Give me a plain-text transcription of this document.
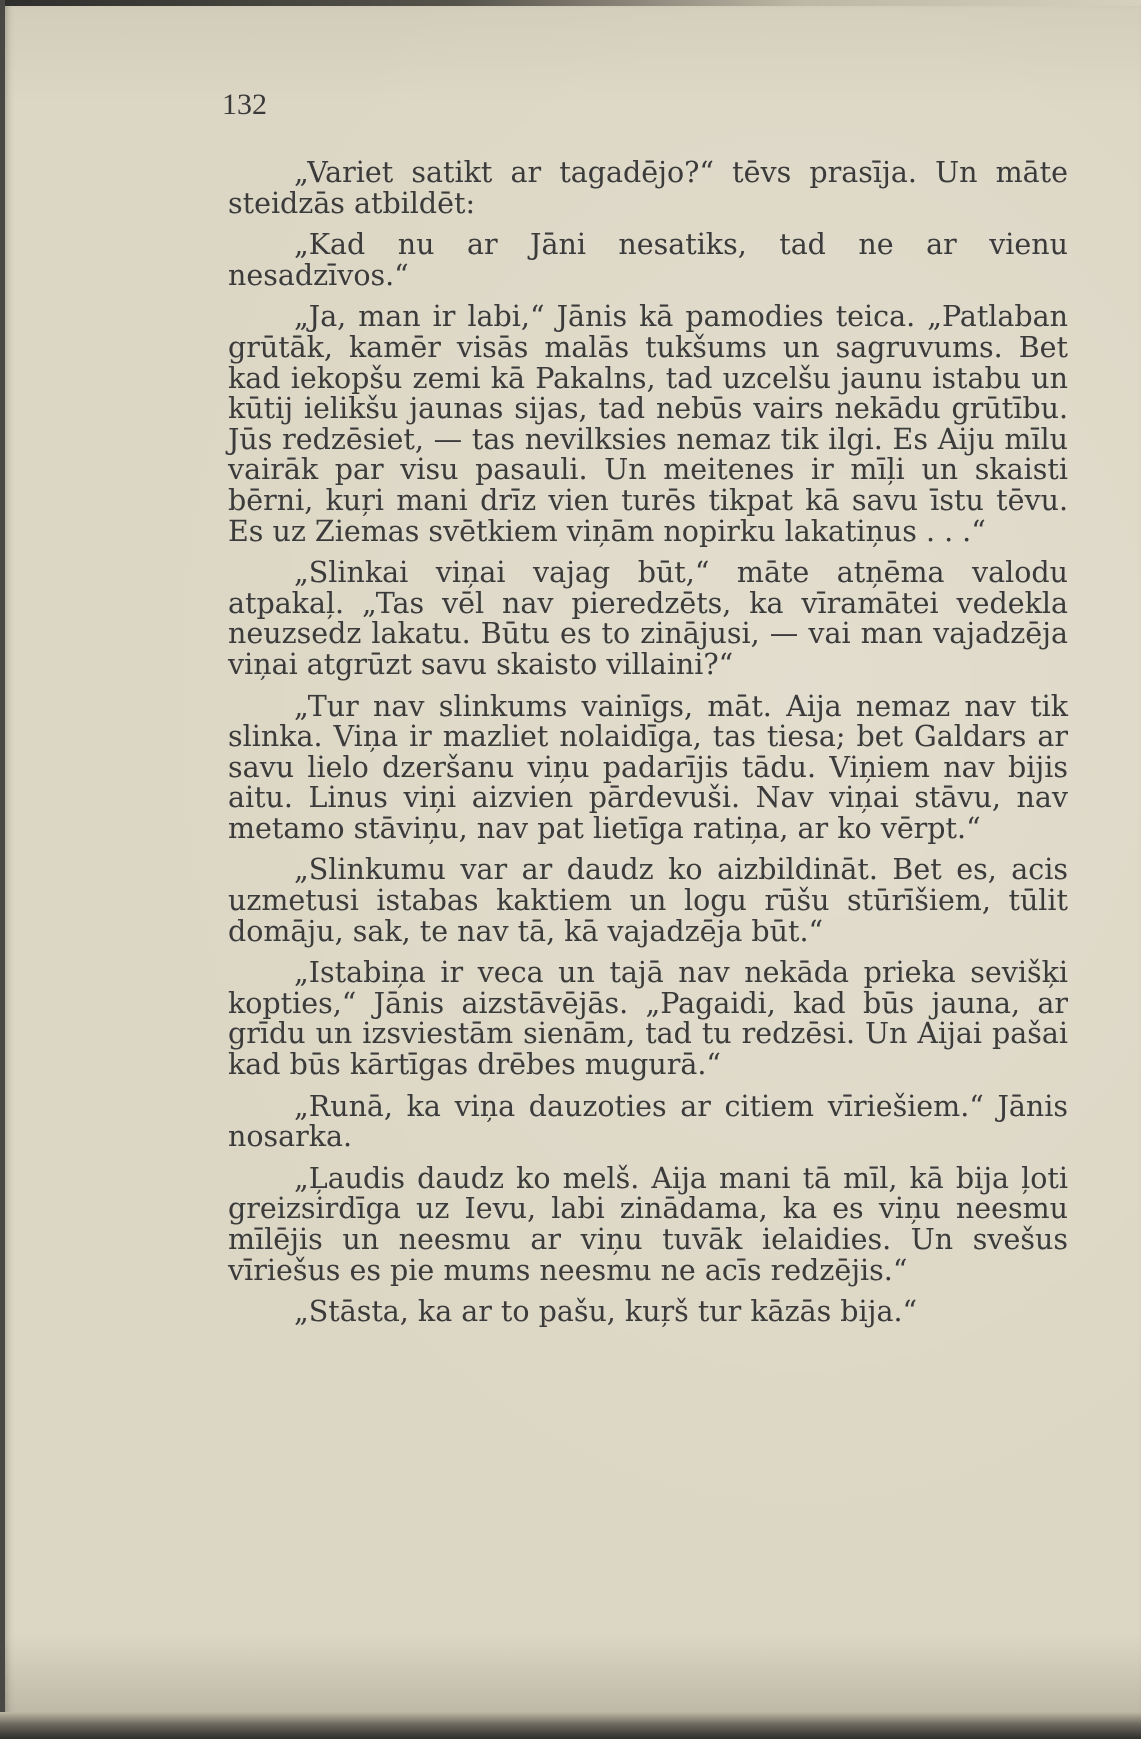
132

„Variet satikt ar tagadējo?“ tēvs prasīja. Un māte steidzās atbildēt:

„Kad nu ar Jāni nesatiks, tad ne ar vienu nesadzīvos.“

„Ja, man ir labi,“ Jānis kā pamodies teica. „Patlaban grūtāk, kamēr visās malās tukšums un sagruvums. Bet kad iekopšu zemi kā Pakalns, tad uzcelšu jaunu istabu un kūtij ielikšu jaunas sijas, tad nebūs vairs nekādu grūtību. Jūs redzēsiet, — tas nevilksies nemaz tik ilgi. Es Aiju mīlu vairāk par visu pasauli. Un meitenes ir mīļi un skaisti bērni, kuŗi mani drīz vien turēs tikpat kā savu īstu tēvu. Es uz Ziemas svētkiem viņām nopirku lakatiņus . . .“

„Slinkai viņai vajag būt,“ māte atņēma valodu atpakaļ. „Tas vēl nav pieredzēts, ka vīramātei vedekla neuzsedz lakatu. Būtu es to zinājusi, — vai man vajadzēja viņai atgrūzt savu skaisto villaini?“

„Tur nav slinkums vainīgs, māt. Aija nemaz nav tik slinka. Viņa ir mazliet nolaidīga, tas tiesa; bet Galdars ar savu lielo dzeršanu viņu padarījis tādu. Viņiem nav bijis aitu. Linus viņi aizvien pārdevuši. Nav viņai stāvu, nav metamo stāviņu, nav pat lietīga ratiņa, ar ko vērpt.“

„Slinkumu var ar daudz ko aizbildināt. Bet es, acis uzmetusi istabas kaktiem un logu rūšu stūrīšiem, tūlit domāju, sak, te nav tā, kā vajadzēja būt.“

„Istabiņa ir veca un tajā nav nekāda prieka sevišķi kopties,“ Jānis aizstāvējās. „Pagaidi, kad būs jauna, ar grīdu un izsviestām sienām, tad tu redzēsi. Un Aijai pašai kad būs kārtīgas drēbes mugurā.“

„Runā, ka viņa dauzoties ar citiem vīriešiem.“ Jānis nosarka.

„Ļaudis daudz ko melš. Aija mani tā mīl, kā bija ļoti greizsirdīga uz Ievu, labi zinādama, ka es viņu neesmu mīlējis un neesmu ar viņu tuvāk ielaidies. Un svešus vīriešus es pie mums neesmu ne acīs redzējis.“

„Stāsta, ka ar to pašu, kuŗš tur kāzās bija.“
